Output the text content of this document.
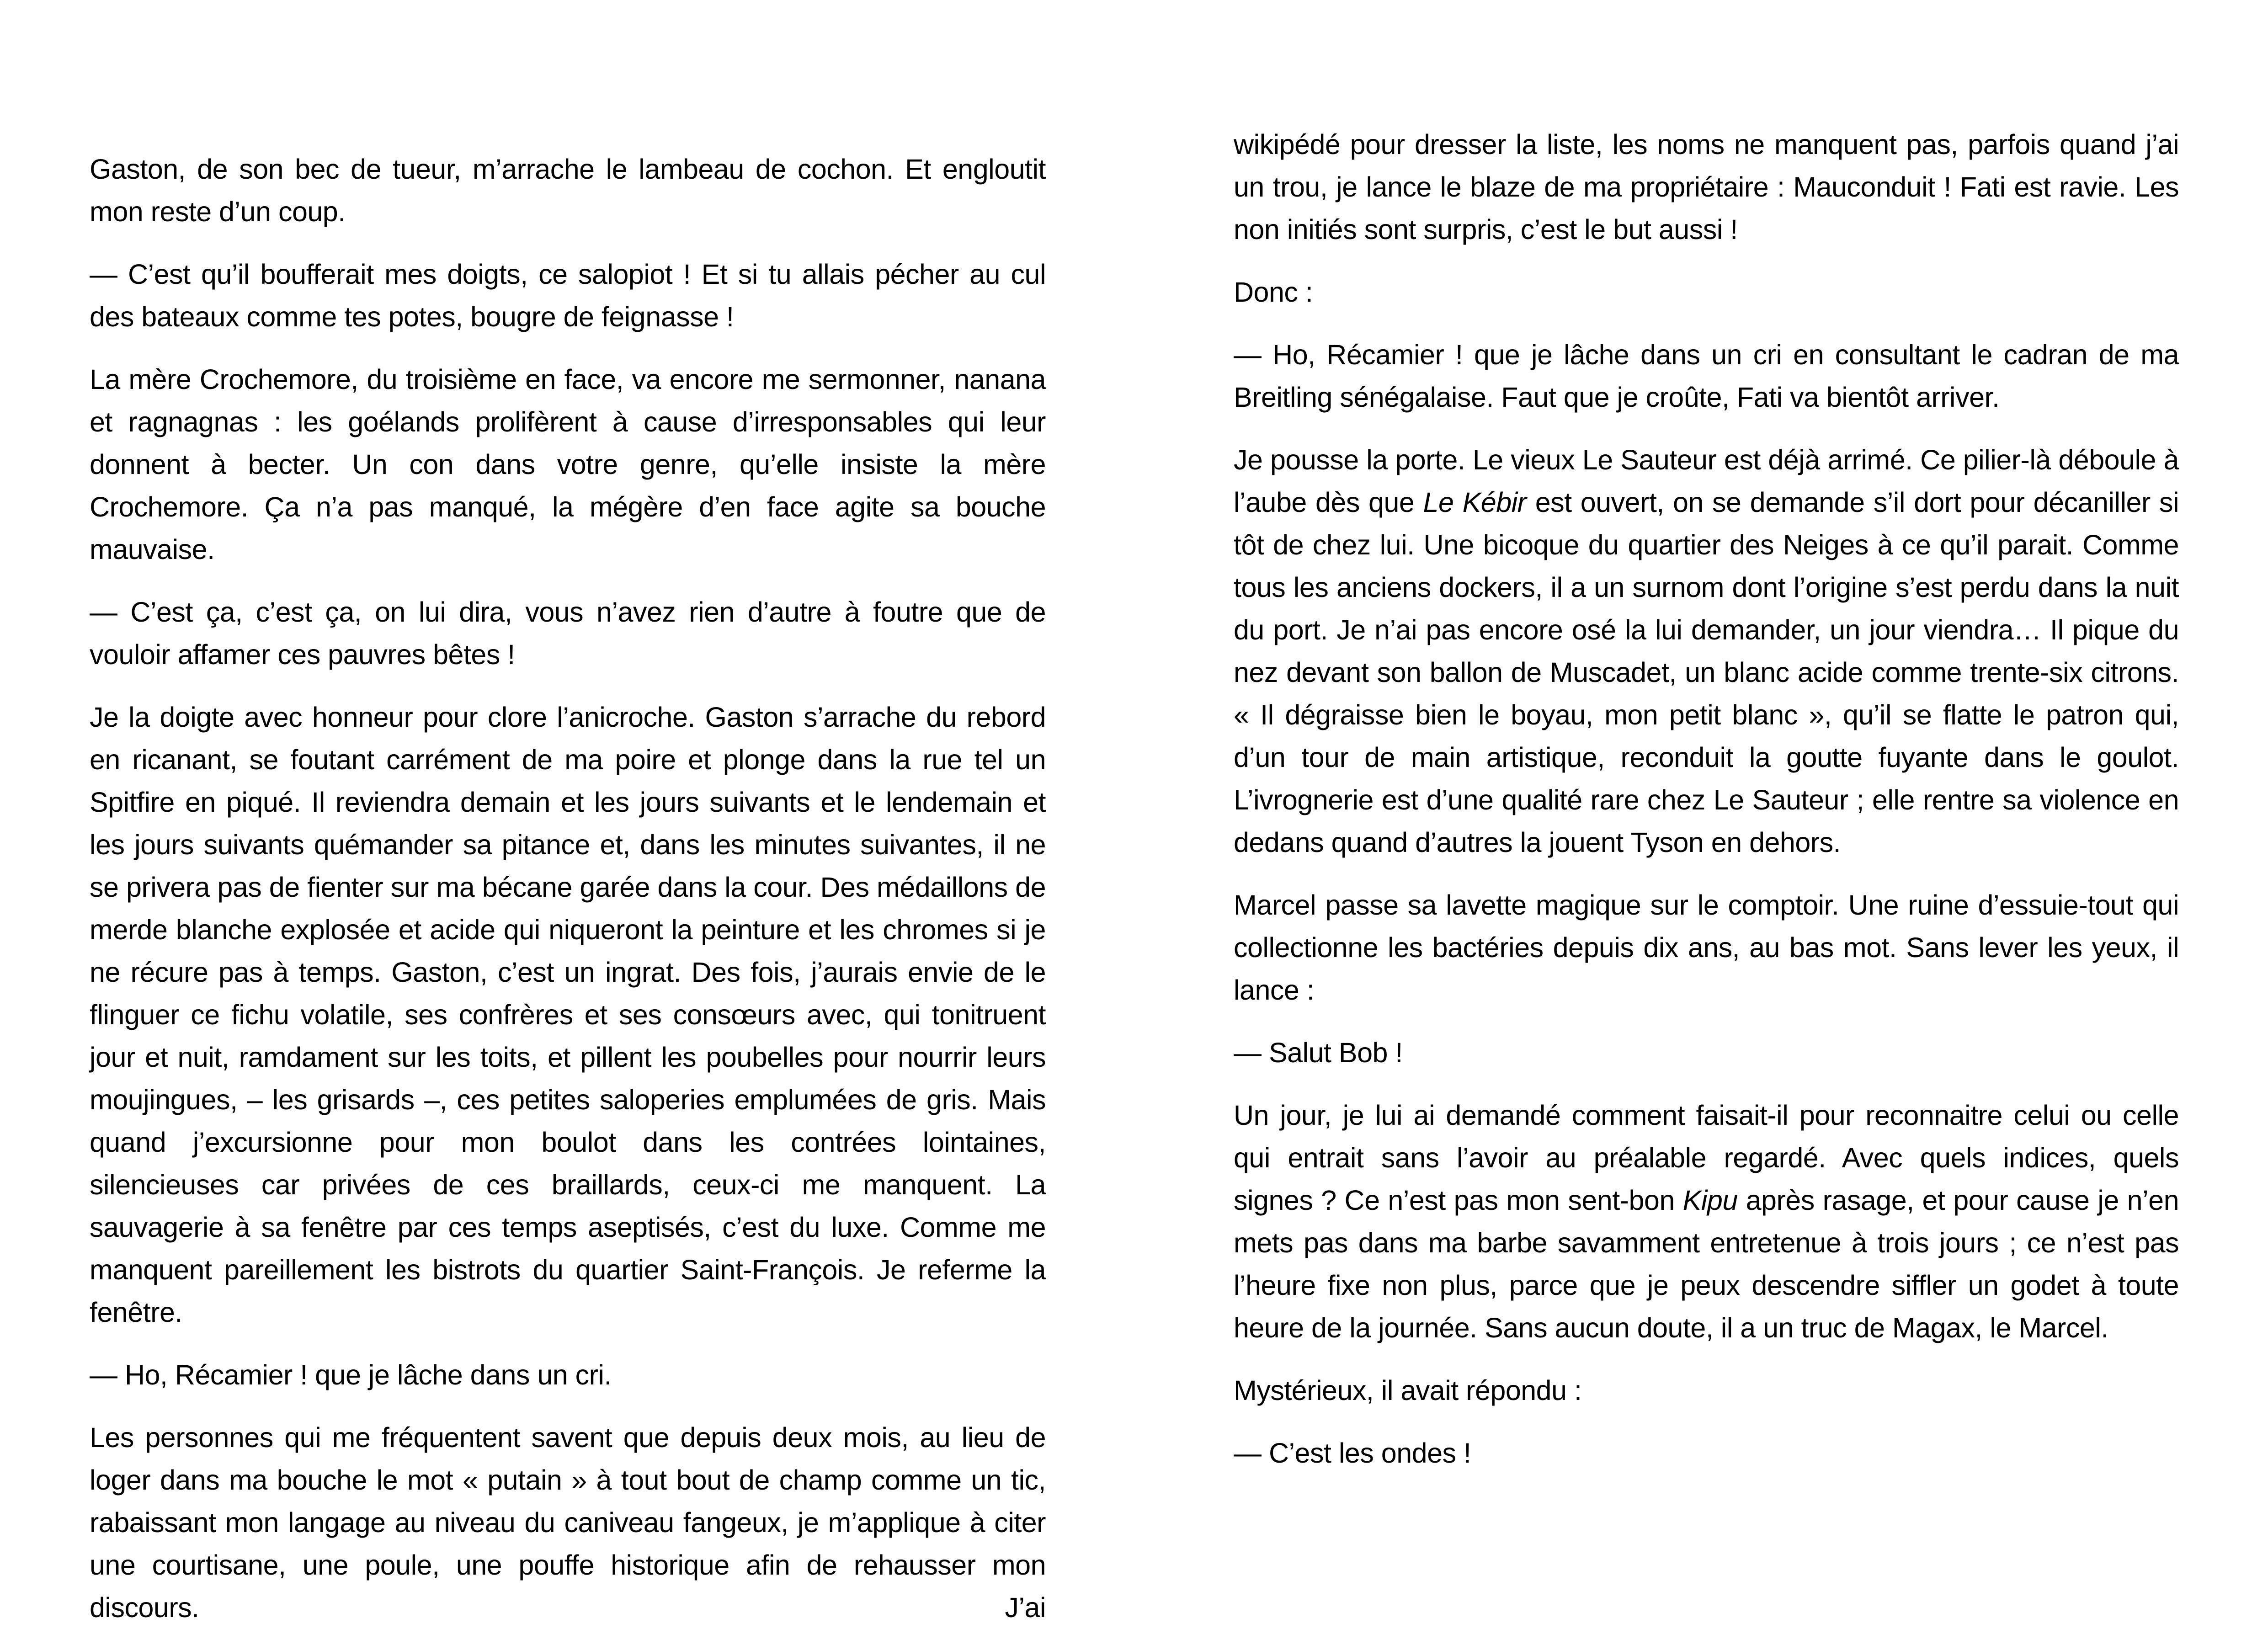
Gaston, de son bec de tueur, m’arrache le lambeau de cochon. Et engloutit mon reste d’un coup.

— C’est qu’il boufferait mes doigts, ce salopiot ! Et si tu allais pécher au cul des bateaux comme tes potes, bougre de feignasse !

La mère Crochemore, du troisième en face, va encore me sermonner, nanana et ragnagnas : les goélands prolifèrent à cause d’irresponsables qui leur donnent à becter. Un con dans votre genre, qu’elle insiste la mère Crochemore. Ça n’a pas manqué, la mégère d’en face agite sa bouche mauvaise.

— C’est ça, c’est ça, on lui dira, vous n’avez rien d’autre à foutre que de vouloir affamer ces pauvres bêtes !

Je la doigte avec honneur pour clore l’anicroche. Gaston s’arrache du rebord en ricanant, se foutant carrément de ma poire et plonge dans la rue tel un Spitfire en piqué. Il reviendra demain et les jours suivants et le lendemain et les jours suivants quémander sa pitance et, dans les minutes suivantes, il ne se privera pas de fienter sur ma bécane garée dans la cour. Des médaillons de merde blanche explosée et acide qui niqueront la peinture et les chromes si je ne récure pas à temps. Gaston, c’est un ingrat. Des fois, j’aurais envie de le flinguer ce fichu volatile, ses confrères et ses consœurs avec, qui tonitruent jour et nuit, ramdament sur les toits, et pillent les poubelles pour nourrir leurs moujingues, – les grisards –, ces petites saloperies emplumées de gris. Mais quand j’excursionne pour mon boulot dans les contrées lointaines, silencieuses car privées de ces braillards, ceux-ci me manquent. La sauvagerie à sa fenêtre par ces temps aseptisés, c’est du luxe. Comme me manquent pareillement les bistrots du quartier Saint-François. Je referme la fenêtre.

— Ho, Récamier ! que je lâche dans un cri.

Les personnes qui me fréquentent savent que depuis deux mois, au lieu de loger dans ma bouche le mot « putain » à tout bout de champ comme un tic, rabaissant mon langage au niveau du caniveau fangeux, je m’applique à citer une courtisane, une poule, une pouffe historique afin de rehausser mon discours. J’ai

wikipédé pour dresser la liste, les noms ne manquent pas, parfois quand j’ai un trou, je lance le blaze de ma propriétaire : Mauconduit ! Fati est ravie. Les non initiés sont surpris, c’est le but aussi !

Donc :

— Ho, Récamier ! que je lâche dans un cri en consultant le cadran de ma Breitling sénégalaise. Faut que je croûte, Fati va bientôt arriver.

Je pousse la porte. Le vieux Le Sauteur est déjà arrimé. Ce pilier-là déboule à l’aube dès que Le Kébir est ouvert, on se demande s’il dort pour décaniller si tôt de chez lui. Une bicoque du quartier des Neiges à ce qu’il parait. Comme tous les anciens dockers, il a un surnom dont l’origine s’est perdu dans la nuit du port. Je n’ai pas encore osé la lui demander, un jour viendra… Il pique du nez devant son ballon de Muscadet, un blanc acide comme trente-six citrons. « Il dégraisse bien le boyau, mon petit blanc », qu’il se flatte le patron qui, d’un tour de main artistique, reconduit la goutte fuyante dans le goulot. L’ivrognerie est d’une qualité rare chez Le Sauteur ; elle rentre sa violence en dedans quand d’autres la jouent Tyson en dehors.

Marcel passe sa lavette magique sur le comptoir. Une ruine d’essuie-tout qui collectionne les bactéries depuis dix ans, au bas mot. Sans lever les yeux, il lance :

— Salut Bob !

Un jour, je lui ai demandé comment faisait-il pour reconnaitre celui ou celle qui entrait sans l’avoir au préalable regardé. Avec quels indices, quels signes ? Ce n’est pas mon sent-bon Kipu après rasage, et pour cause je n’en mets pas dans ma barbe savamment entretenue à trois jours ; ce n’est pas l’heure fixe non plus, parce que je peux descendre siffler un godet à toute heure de la journée. Sans aucun doute, il a un truc de Magax, le Marcel.

Mystérieux, il avait répondu :

— C’est les ondes !
